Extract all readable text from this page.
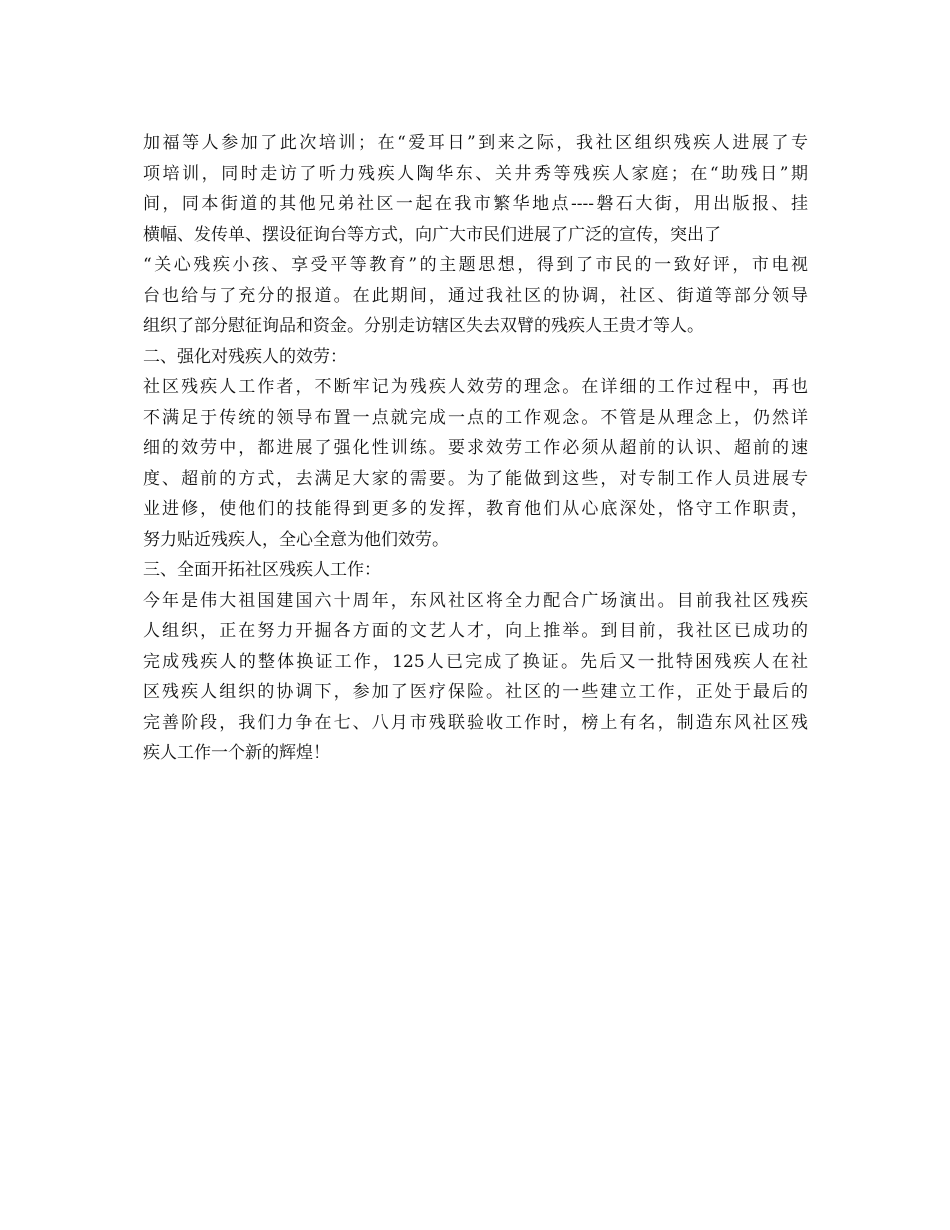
加福等人参加了此次培训；在“爱耳日”到来之际，我社区组织残疾人进展了专
项培训，同时走访了听力残疾人陶华东、关井秀等残疾人家庭；在“助残日”期
间，同本街道的其他兄弟社区一起在我市繁华地点----磐石大街，用出版报、挂
横幅、发传单、摆设征询台等方式，向广大市民们进展了广泛的宣传，突出了
“关心残疾小孩、享受平等教育”的主题思想，得到了市民的一致好评，市电视
台也给与了充分的报道。在此期间，通过我社区的协调，社区、街道等部分领导
组织了部分慰征询品和资金。分别走访辖区失去双臂的残疾人王贵才等人。
二、强化对残疾人的效劳：
社区残疾人工作者，不断牢记为残疾人效劳的理念。在详细的工作过程中，再也
不满足于传统的领导布置一点就完成一点的工作观念。不管是从理念上，仍然详
细的效劳中，都进展了强化性训练。要求效劳工作必须从超前的认识、超前的速
度、超前的方式，去满足大家的需要。为了能做到这些，对专制工作人员进展专
业进修，使他们的技能得到更多的发挥，教育他们从心底深处，恪守工作职责，
努力贴近残疾人，全心全意为他们效劳。
三、全面开拓社区残疾人工作：
今年是伟大祖国建国六十周年，东风社区将全力配合广场演出。目前我社区残疾
人组织，正在努力开掘各方面的文艺人才，向上推举。到目前，我社区已成功的
完成残疾人的整体换证工作，125人已完成了换证。先后又一批特困残疾人在社
区残疾人组织的协调下，参加了医疗保险。社区的一些建立工作，正处于最后的
完善阶段，我们力争在七、八月市残联验收工作时，榜上有名，制造东风社区残
疾人工作一个新的辉煌！
